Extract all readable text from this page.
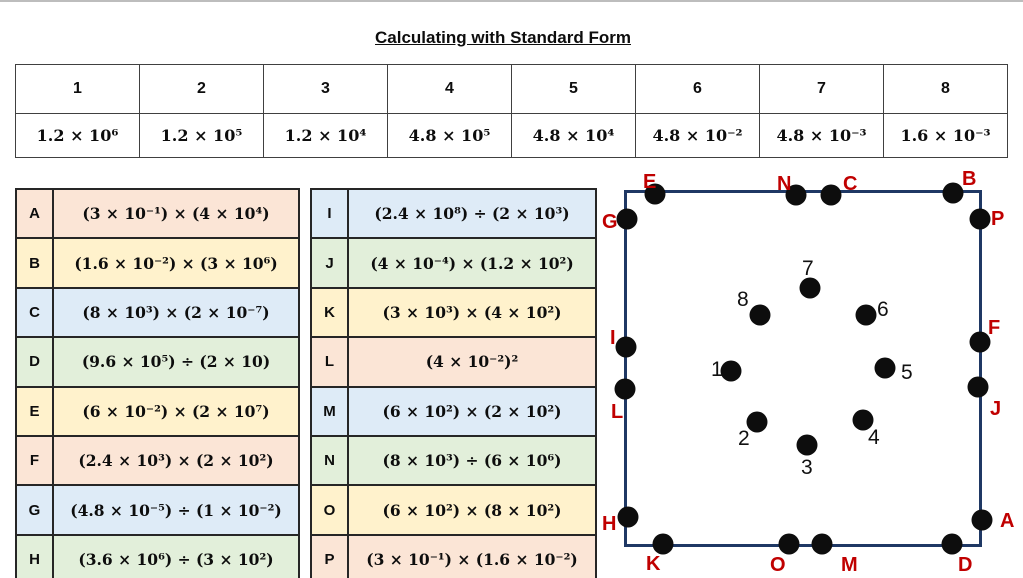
Calculating with Standard Form
1	2	3	4	5	6	7	8
1.2 × 10⁶	1.2 × 10⁵	1.2 × 10⁴	4.8 × 10⁵	4.8 × 10⁴	4.8 × 10⁻²	4.8 × 10⁻³	1.6 × 10⁻³
A	(3 × 10⁻¹) × (4 × 10⁴)
B	(1.6 × 10⁻²) × (3 × 10⁶)
C	(8 × 10³) × (2 × 10⁻⁷)
D	(9.6 × 10⁵) ÷ (2 × 10)
E	(6 × 10⁻²) × (2 × 10⁷)
F	(2.4 × 10³) × (2 × 10²)
G	(4.8 × 10⁻⁵) ÷ (1 × 10⁻²)
H	(3.6 × 10⁶) ÷ (3 × 10²)
I	(2.4 × 10⁸) ÷ (2 × 10³)
J	(4 × 10⁻⁴) × (1.2 × 10²)
K	(3 × 10³) × (4 × 10²)
L	(4 × 10⁻²)²
M	(6 × 10²) × (2 × 10²)
N	(8 × 10³) ÷ (6 × 10⁶)
O	(6 × 10²) × (8 × 10²)
P	(3 × 10⁻¹) × (1.6 × 10⁻²)
E	N	C	B
G	P
I	F
L	J
H	A
K	O	M	D
1
2
3
4
5
6
7
8
